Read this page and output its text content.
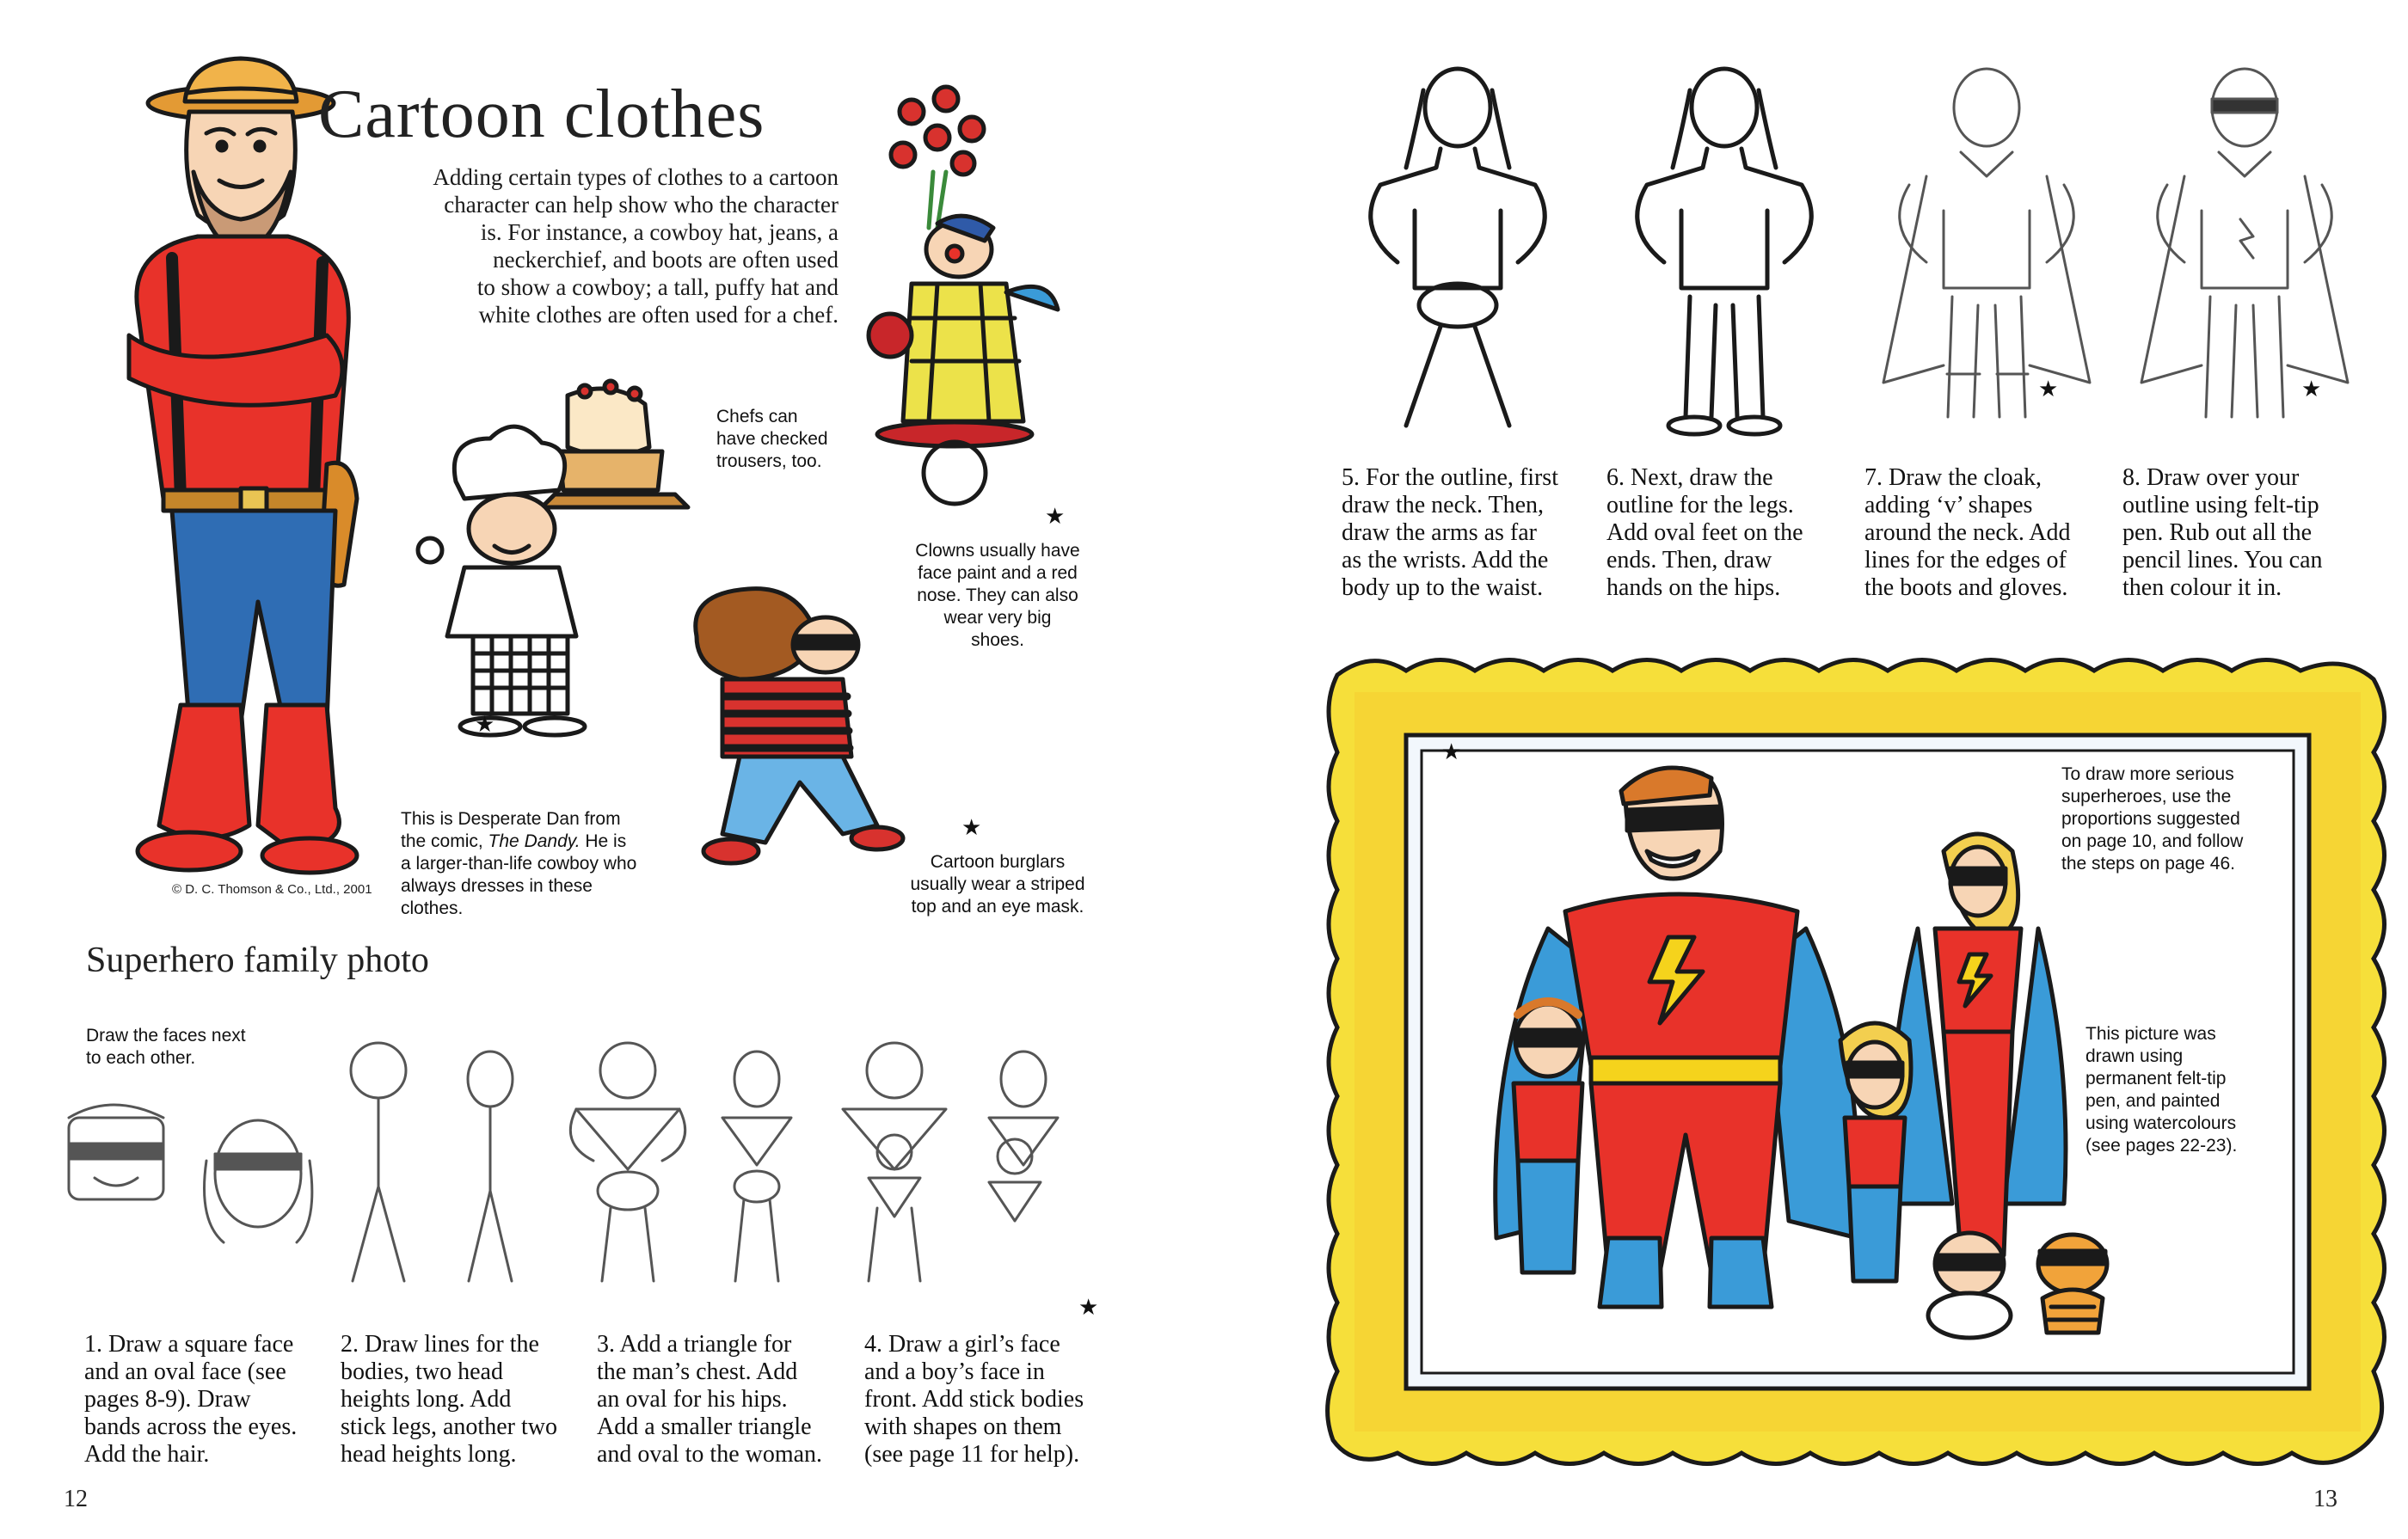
Cartoon clothes
Adding certain types of clothes to a cartoon
character can help show who the character
is. For instance, a cowboy hat, jeans, a
neckerchief, and boots are often used
to show a cowboy; a tall, puffy hat and
white clothes are often used for a chef.
Chefs can
have checked
trousers, too.
Clowns usually have
face paint and a red
nose. They can also
wear very big
shoes.
This is Desperate Dan from
the comic, The Dandy. He is
a larger-than-life cowboy who
always dresses in these
clothes.
Cartoon burglars
usually wear a striped
top and an eye mask.
© D. C. Thomson & Co., Ltd., 2001
★
★
★
Superhero family photo
Draw the faces next
to each other.
★
1. Draw a square face
and an oval face (see
pages 8-9). Draw
bands across the eyes.
Add the hair.
2. Draw lines for the
bodies, two head
heights long. Add
stick legs, another two
head heights long.
3. Add a triangle for
the man’s chest. Add
an oval for his hips.
Add a smaller triangle
and oval to the woman.
4. Draw a girl’s face
and a boy’s face in
front. Add stick bodies
with shapes on them
(see page 11 for help).
12
★	★
5. For the outline, first
draw the neck. Then,
draw the arms as far
as the wrists. Add the
body up to the waist.
6. Next, draw the
outline for the legs.
Add oval feet on the
ends. Then, draw
hands on the hips.
7. Draw the cloak,
adding ‘v’ shapes
around the neck. Add
lines for the edges of
the boots and gloves.
8. Draw over your
outline using felt-tip
pen. Rub out all the
pencil lines. You can
then colour it in.
★
To draw more serious
superheroes, use the
proportions suggested
on page 10, and follow
the steps on page 46.
This picture was
drawn using
permanent felt-tip
pen, and painted
using watercolours
(see pages 22-23).
13
